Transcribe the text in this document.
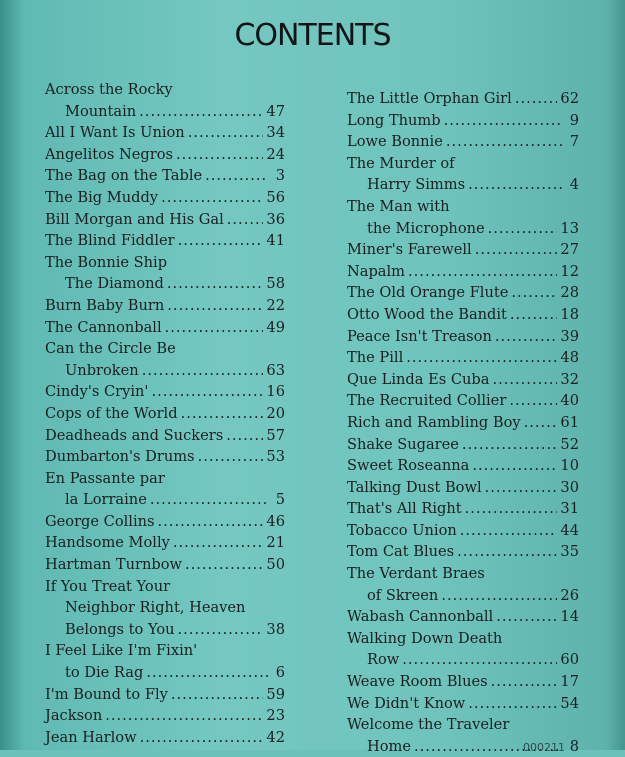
CONTENTS
Across the Rocky
Mountain .....	47
All I Want Is Union .....	34
Angelitos Negros .....	24
The Bag on the Table .....	3
The Big Muddy .....	56
Bill Morgan and His Gal .....	36
The Blind Fiddler .....	41
The Bonnie Ship
The Diamond .....	58
Burn Baby Burn .....	22
The Cannonball .....	49
Can the Circle Be
Unbroken .....	63
Cindy's Cryin' .....	16
Cops of the World .....	20
Deadheads and Suckers .....	57
Dumbarton's Drums .....	53
En Passante par
la Lorraine .....	5
George Collins .....	46
Handsome Molly .....	21
Hartman Turnbow .....	50
If You Treat Your
Neighbor Right, Heaven
Belongs to You .....	38
I Feel Like I'm Fixin'
to Die Rag .....	6
I'm Bound to Fly .....	59
Jackson .....	23
Jean Harlow .....	42
The Little Orphan Girl .....	62
Long Thumb .....	9
Lowe Bonnie .....	7
The Murder of
Harry Simms .....	4
The Man with
the Microphone .....	13
Miner's Farewell .....	27
Napalm .....	12
The Old Orange Flute .....	28
Otto Wood the Bandit .....	18
Peace Isn't Treason .....	39
The Pill .....	48
Que Linda Es Cuba .....	32
The Recruited Collier .....	40
Rich and Rambling Boy .....	61
Shake Sugaree .....	52
Sweet Roseanna .....	10
Talking Dust Bowl .....	30
That's All Right .....	31
Tobacco Union .....	44
Tom Cat Blues .....	35
The Verdant Braes
of Skreen .....	26
Wabash Cannonball .....	14
Walking Down Death
Row .....	60
Weave Room Blues .....	17
We Didn't Know .....	54
Welcome the Traveler
Home .....	8
000211
